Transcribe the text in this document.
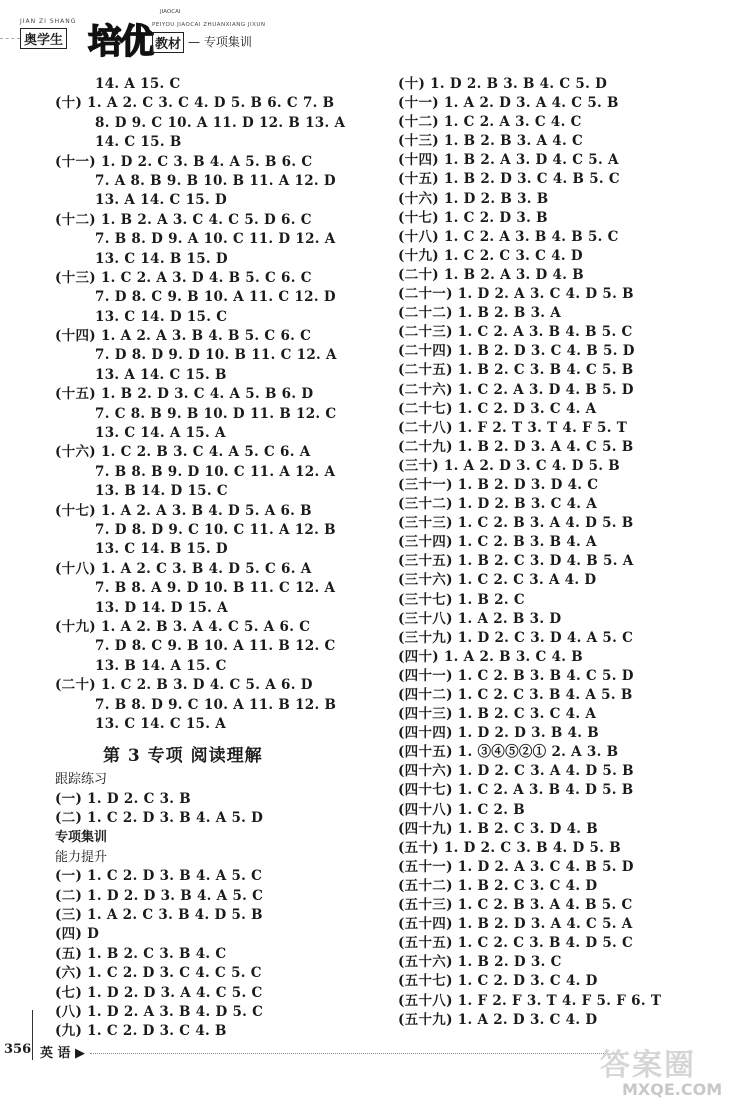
JIAN ZI SHANG
奥学生 培优
JIAOCAI
PEIYOU JIAOCAI ZHUANXIANG JIXUN
教材 — 专项集训
14. A 15. C
(十) 1. A 2. C 3. C 4. D 5. B 6. C 7. B
8. D 9. C 10. A 11. D 12. B 13. A
14. C 15. B
(十一) 1. D 2. C 3. B 4. A 5. B 6. C
7. A 8. B 9. B 10. B 11. A 12. D
13. A 14. C 15. D
(十二) 1. B 2. A 3. C 4. C 5. D 6. C
7. B 8. D 9. A 10. C 11. D 12. A
13. C 14. B 15. D
(十三) 1. C 2. A 3. D 4. B 5. C 6. C
7. D 8. C 9. B 10. A 11. C 12. D
13. C 14. D 15. C
(十四) 1. A 2. A 3. B 4. B 5. C 6. C
7. D 8. D 9. D 10. B 11. C 12. A
13. A 14. C 15. B
(十五) 1. B 2. D 3. C 4. A 5. B 6. D
7. C 8. B 9. B 10. D 11. B 12. C
13. C 14. A 15. A
(十六) 1. C 2. B 3. C 4. A 5. C 6. A
7. B 8. B 9. D 10. C 11. A 12. A
13. B 14. D 15. C
(十七) 1. A 2. A 3. B 4. D 5. A 6. B
7. D 8. D 9. C 10. C 11. A 12. B
13. C 14. B 15. D
(十八) 1. A 2. C 3. B 4. D 5. C 6. A
7. B 8. A 9. D 10. B 11. C 12. A
13. D 14. D 15. A
(十九) 1. A 2. B 3. A 4. C 5. A 6. C
7. D 8. C 9. B 10. A 11. B 12. C
13. B 14. A 15. C
(二十) 1. C 2. B 3. D 4. C 5. A 6. D
7. B 8. D 9. C 10. A 11. B 12. B
13. C 14. C 15. A
第 3 专项 阅读理解
跟踪练习
(一) 1. D 2. C 3. B
(二) 1. C 2. D 3. B 4. A 5. D
专项集训
能力提升
(一) 1. C 2. D 3. B 4. A 5. C
(二) 1. D 2. D 3. B 4. A 5. C
(三) 1. A 2. C 3. B 4. D 5. B
(四) D
(五) 1. B 2. C 3. B 4. C
(六) 1. C 2. D 3. C 4. C 5. C
(七) 1. D 2. D 3. A 4. C 5. C
(八) 1. D 2. A 3. B 4. D 5. C
(九) 1. C 2. D 3. C 4. B
(十) 1. D 2. B 3. B 4. C 5. D
(十一) 1. A 2. D 3. A 4. C 5. B
(十二) 1. C 2. A 3. C 4. C
(十三) 1. B 2. B 3. A 4. C
(十四) 1. B 2. A 3. D 4. C 5. A
(十五) 1. B 2. D 3. C 4. B 5. C
(十六) 1. D 2. B 3. B
(十七) 1. C 2. D 3. B
(十八) 1. C 2. A 3. B 4. B 5. C
(十九) 1. C 2. C 3. C 4. D
(二十) 1. B 2. A 3. D 4. B
(二十一) 1. D 2. A 3. C 4. D 5. B
(二十二) 1. B 2. B 3. A
(二十三) 1. C 2. A 3. B 4. B 5. C
(二十四) 1. B 2. D 3. C 4. B 5. D
(二十五) 1. B 2. C 3. B 4. C 5. B
(二十六) 1. C 2. A 3. D 4. B 5. D
(二十七) 1. C 2. D 3. C 4. A
(二十八) 1. F 2. T 3. T 4. F 5. T
(二十九) 1. B 2. D 3. A 4. C 5. B
(三十) 1. A 2. D 3. C 4. D 5. B
(三十一) 1. B 2. D 3. D 4. C
(三十二) 1. D 2. B 3. C 4. A
(三十三) 1. C 2. B 3. A 4. D 5. B
(三十四) 1. C 2. B 3. B 4. A
(三十五) 1. B 2. C 3. D 4. B 5. A
(三十六) 1. C 2. C 3. A 4. D
(三十七) 1. B 2. C
(三十八) 1. A 2. B 3. D
(三十九) 1. D 2. C 3. D 4. A 5. C
(四十) 1. A 2. B 3. C 4. B
(四十一) 1. C 2. B 3. B 4. C 5. D
(四十二) 1. C 2. C 3. B 4. A 5. B
(四十三) 1. B 2. C 3. C 4. A
(四十四) 1. D 2. D 3. B 4. B
(四十五) 1. ③④⑤②① 2. A 3. B
(四十六) 1. D 2. C 3. A 4. D 5. B
(四十七) 1. C 2. A 3. B 4. D 5. B
(四十八) 1. C 2. B
(四十九) 1. B 2. C 3. D 4. B
(五十) 1. D 2. C 3. B 4. D 5. B
(五十一) 1. D 2. A 3. C 4. B 5. D
(五十二) 1. B 2. C 3. C 4. D
(五十三) 1. C 2. B 3. A 4. B 5. C
(五十四) 1. B 2. D 3. A 4. C 5. A
(五十五) 1. C 2. C 3. B 4. D 5. C
(五十六) 1. B 2. D 3. C
(五十七) 1. C 2. D 3. C 4. D
(五十八) 1. F 2. F 3. T 4. F 5. F 6. T
(五十九) 1. A 2. D 3. C 4. D
356 英 语 ▶	答案圈
MXQE.COM
